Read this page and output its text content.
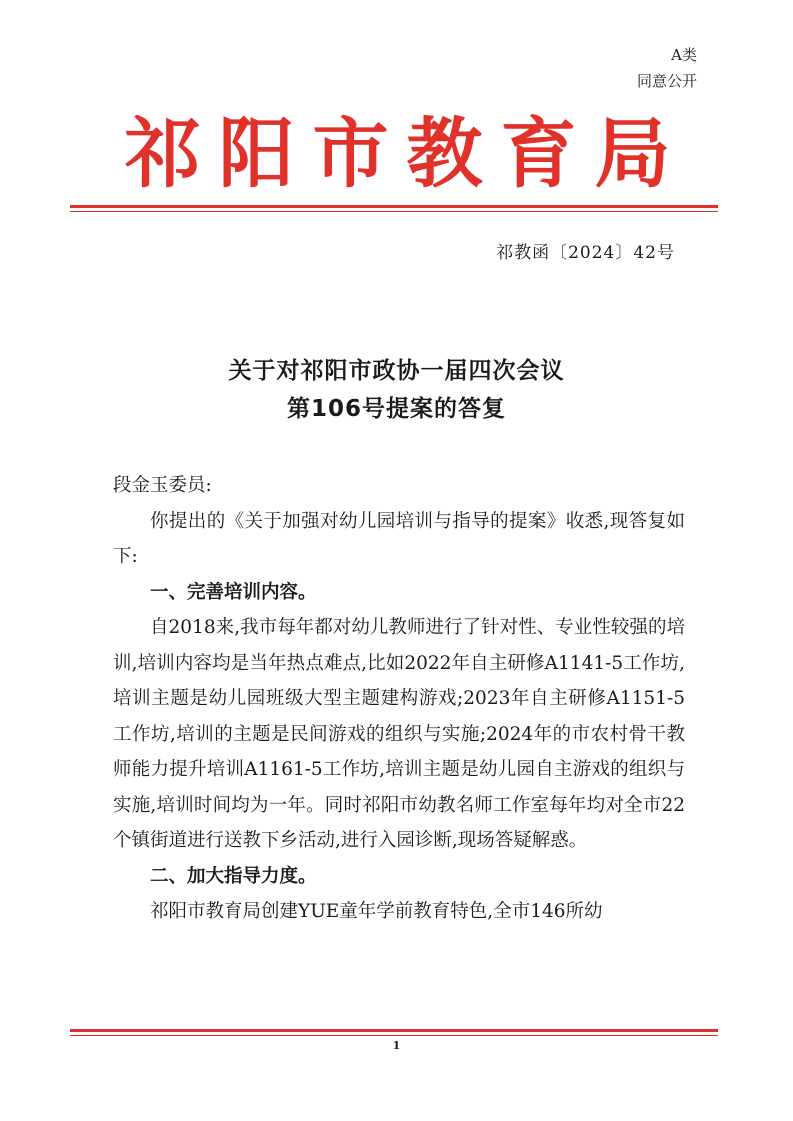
A类
同意公开
祁阳市教育局
祁教函〔2024〕42号
关于对祁阳市政协一届四次会议
第106号提案的答复

段金玉委员:

你提出的《关于加强对幼儿园培训与指导的提案》收悉,现答复如下:

一、完善培训内容。

自2018来,我市每年都对幼儿教师进行了针对性、专业性较强的培训,培训内容均是当年热点难点,比如2022年自主研修A1141-5工作坊,培训主题是幼儿园班级大型主题建构游戏;2023年自主研修A1151-5工作坊,培训的主题是民间游戏的组织与实施;2024年的市农村骨干教师能力提升培训A1161-5工作坊,培训主题是幼儿园自主游戏的组织与实施,培训时间均为一年。同时祁阳市幼教名师工作室每年均对全市22个镇街道进行送教下乡活动,进行入园诊断,现场答疑解惑。

二、加大指导力度。

祁阳市教育局创建YUE童年学前教育特色,全市146所幼

1
